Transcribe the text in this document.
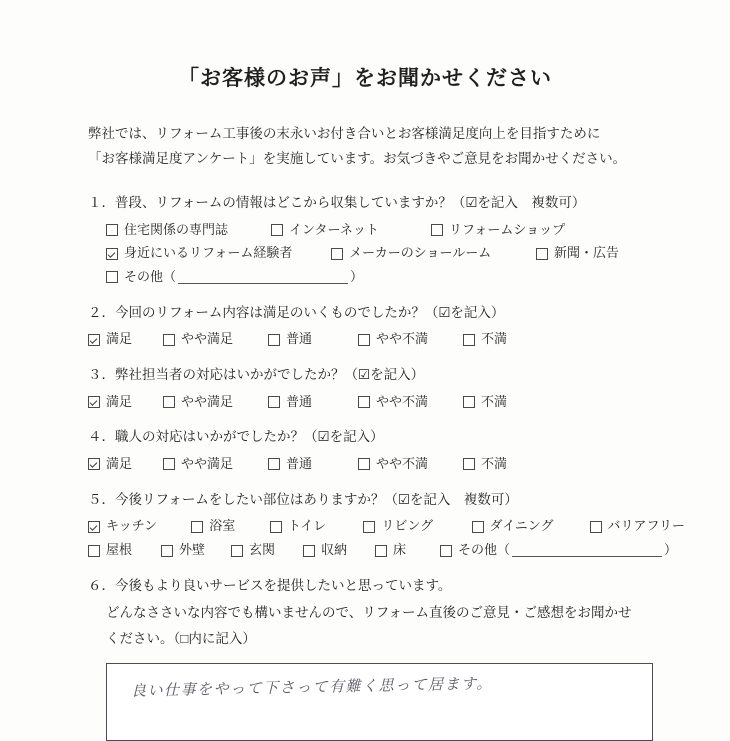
「お客様のお声」をお聞かせください
弊社では、リフォーム工事後の末永いお付き合いとお客様満足度向上を目指すために
「お客様満足度アンケート」を実施しています。お気づきやご意見をお聞かせください。
１．普段、リフォームの情報はどこから収集していますか？（☑を記入　複数可）
住宅関係の専門誌	インターネット	リフォームショップ
身近にいるリフォーム経験者	メーカーのショールーム	新聞・広告
その他（	）
２．今回のリフォーム内容は満足のいくものでしたか？（☑を記入）
満足	やや満足	普通	やや不満	不満
３．弊社担当者の対応はいかがでしたか？（☑を記入）
満足	やや満足	普通	やや不満	不満
４．職人の対応はいかがでしたか？（☑を記入）
満足	やや満足	普通	やや不満	不満
５．今後リフォームをしたい部位はありますか？（☑を記入　複数可）
キッチン	浴室	トイレ	リビング	ダイニング	バリアフリー
屋根	外壁	玄関	収納	床	その他（	）
６．今後もより良いサービスを提供したいと思っています。
どんなささいな内容でも構いませんので、リフォーム直後のご意見・ご感想をお聞かせ
ください。（□内に記入）
良い仕事をやって下さって有難く思って居ます。
